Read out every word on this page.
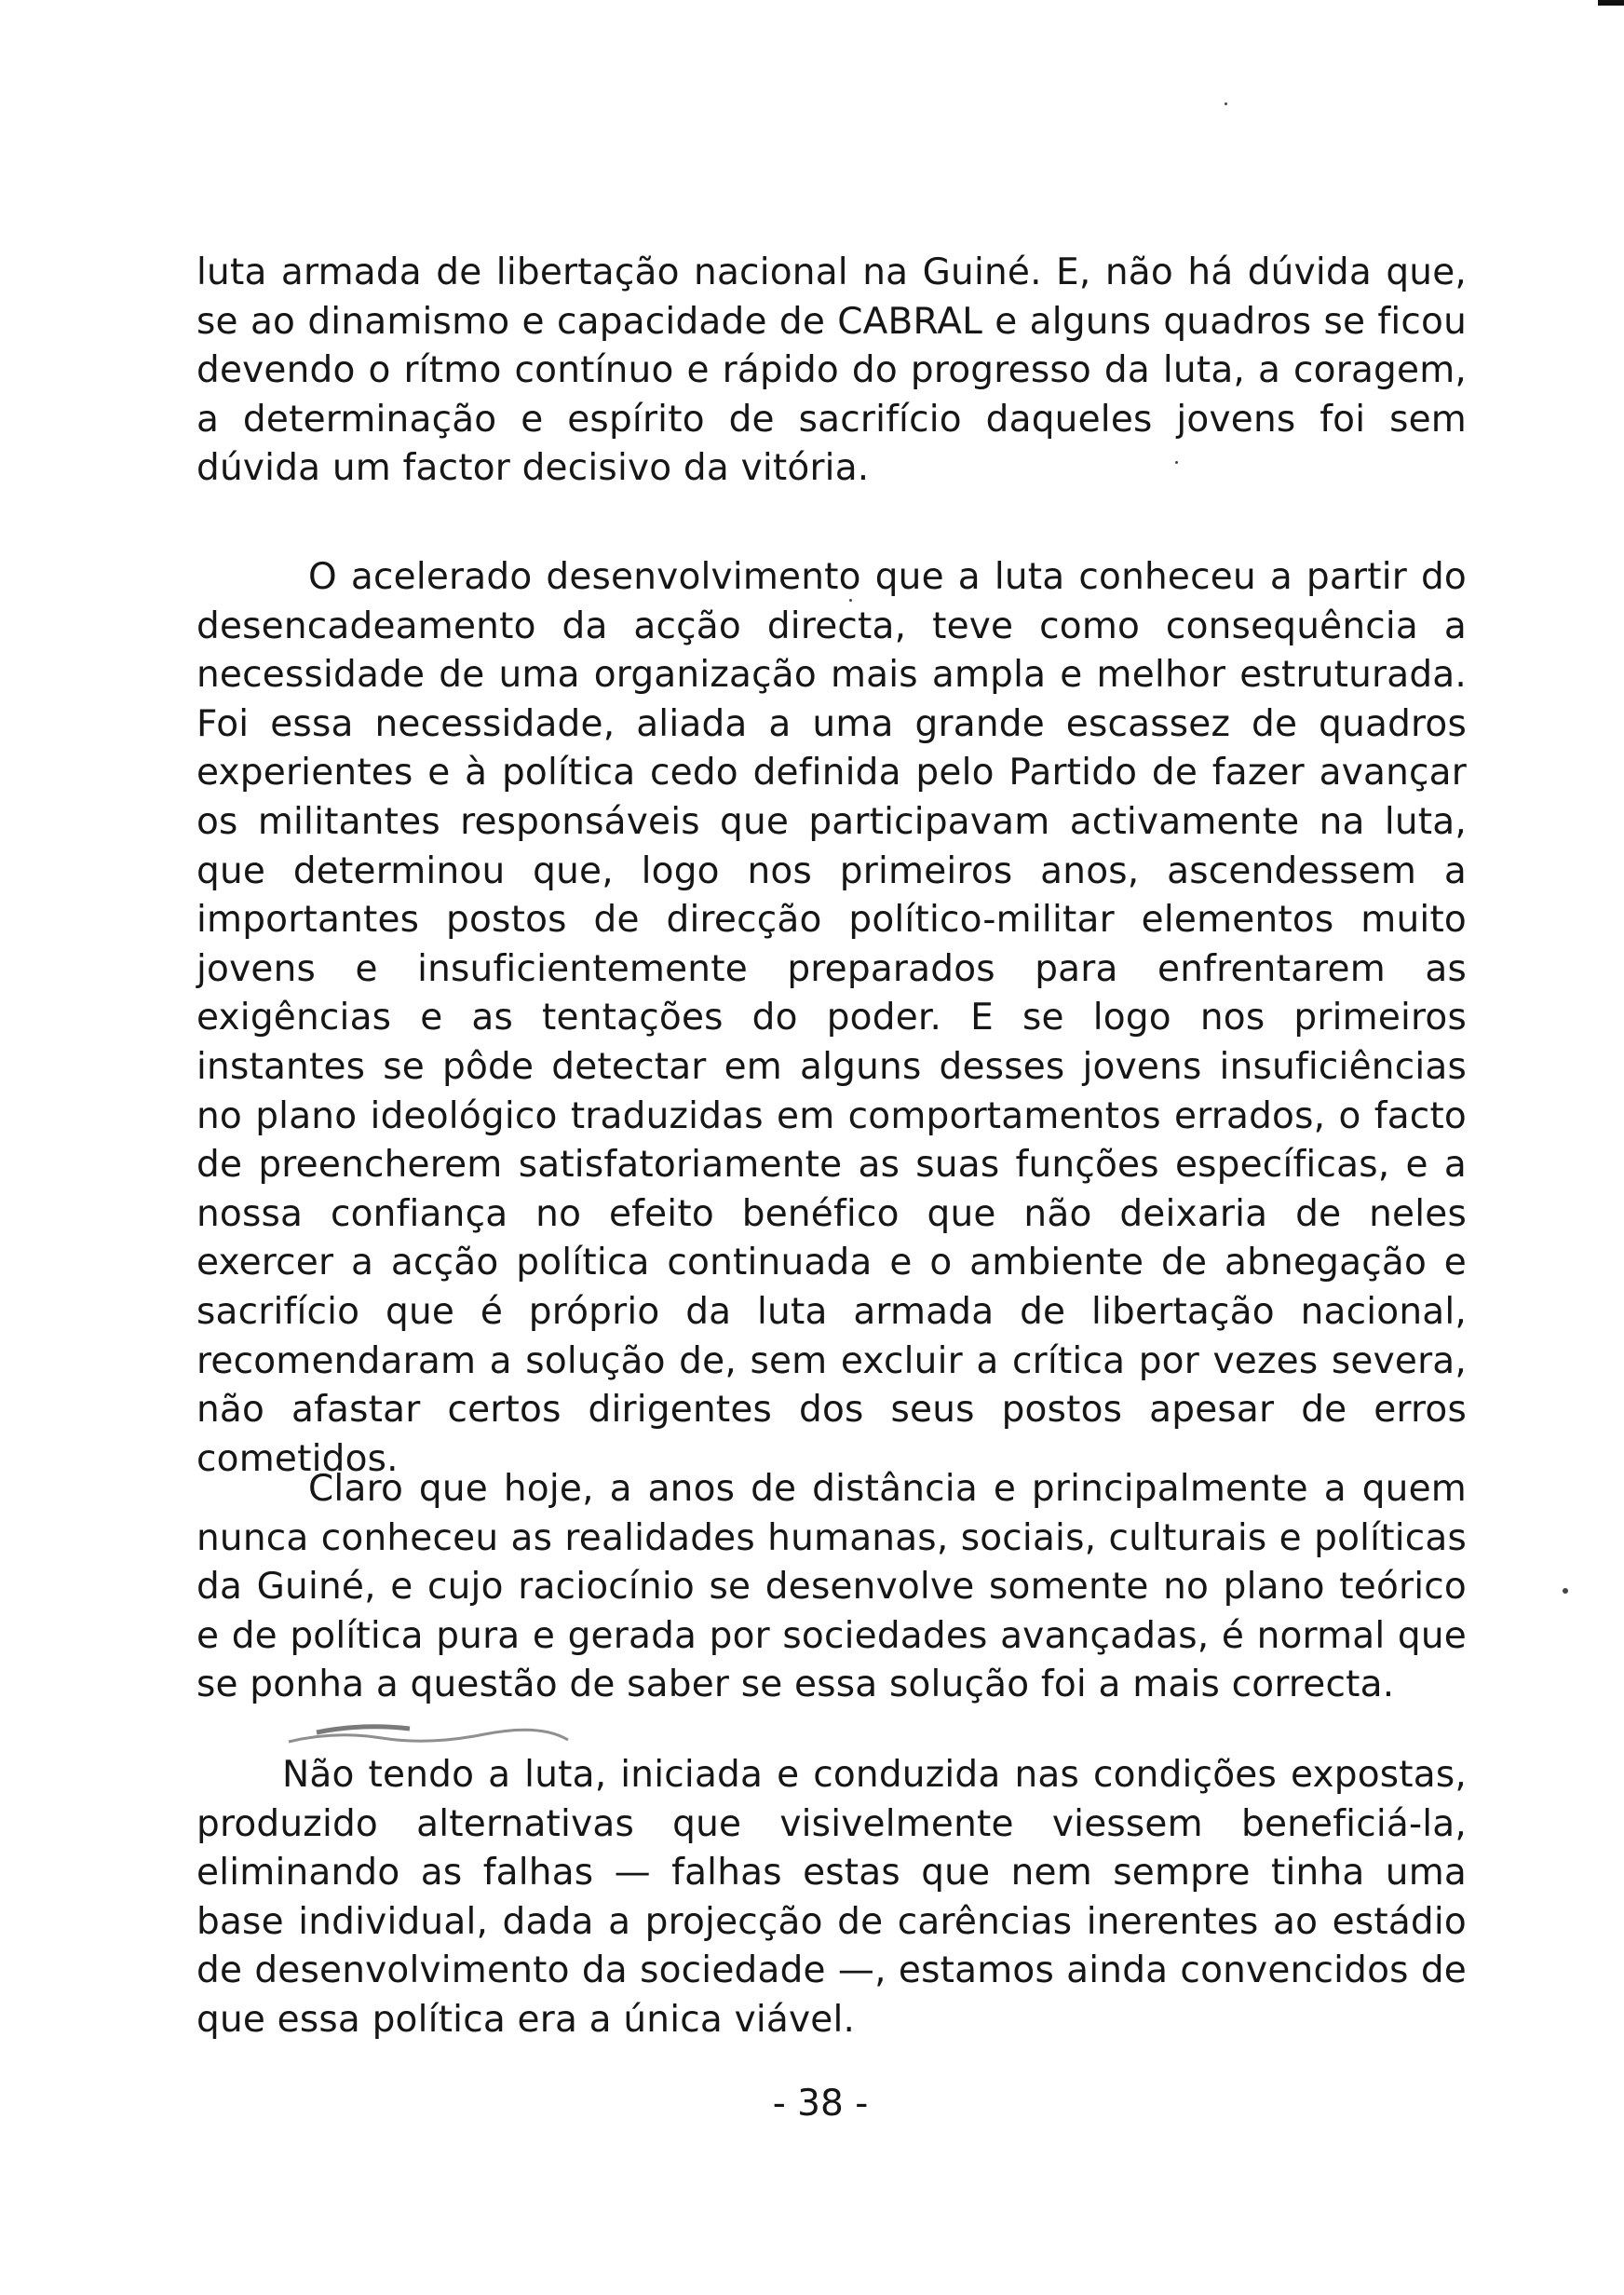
luta armada de libertação nacional na Guiné. E, não há dúvida que, se ao dinamismo e capacidade de CABRAL e alguns quadros se ficou devendo o rítmo contínuo e rápido do progresso da luta, a coragem, a determinação e espírito de sacrifício daqueles jovens foi sem dúvida um factor decisivo da vitória.

O acelerado desenvolvimento que a luta conheceu a partir do desencadeamento da acção directa, teve como consequência a necessidade de uma organização mais ampla e melhor estruturada. Foi essa necessidade, aliada a uma grande escassez de quadros experientes e à política cedo definida pelo Partido de fazer avançar os militantes responsáveis que participavam activamente na luta, que determinou que, logo nos primeiros anos, ascendessem a importantes postos de direcção político-militar elementos muito jovens e insuficientemente preparados para enfrentarem as exigências e as tentações do poder. E se logo nos primeiros instantes se pôde detectar em alguns desses jovens insuficiências no plano ideológico traduzidas em comportamentos errados, o facto de preencherem satisfatoriamente as suas funções específicas, e a nossa confiança no efeito benéfico que não deixaria de neles exercer a acção política continuada e o ambiente de abnegação e sacrifício que é próprio da luta armada de libertação nacional, recomendaram a solução de, sem excluir a crítica por vezes severa, não afastar certos dirigentes dos seus postos apesar de erros cometidos.

Claro que hoje, a anos de distância e principalmente a quem nunca conheceu as realidades humanas, sociais, culturais e políticas da Guiné, e cujo raciocínio se desenvolve somente no plano teórico e de política pura e gerada por sociedades avançadas, é normal que se ponha a questão de saber se essa solução foi a mais correcta.

Não tendo a luta, iniciada e conduzida nas condições expostas, produzido alternativas que visivelmente viessem beneficiá-la, eliminando as falhas — falhas estas que nem sempre tinha uma base individual, dada a projecção de carências inerentes ao estádio de desenvolvimento da sociedade —, estamos ainda convencidos de que essa política era a única viável.

- 38 -
